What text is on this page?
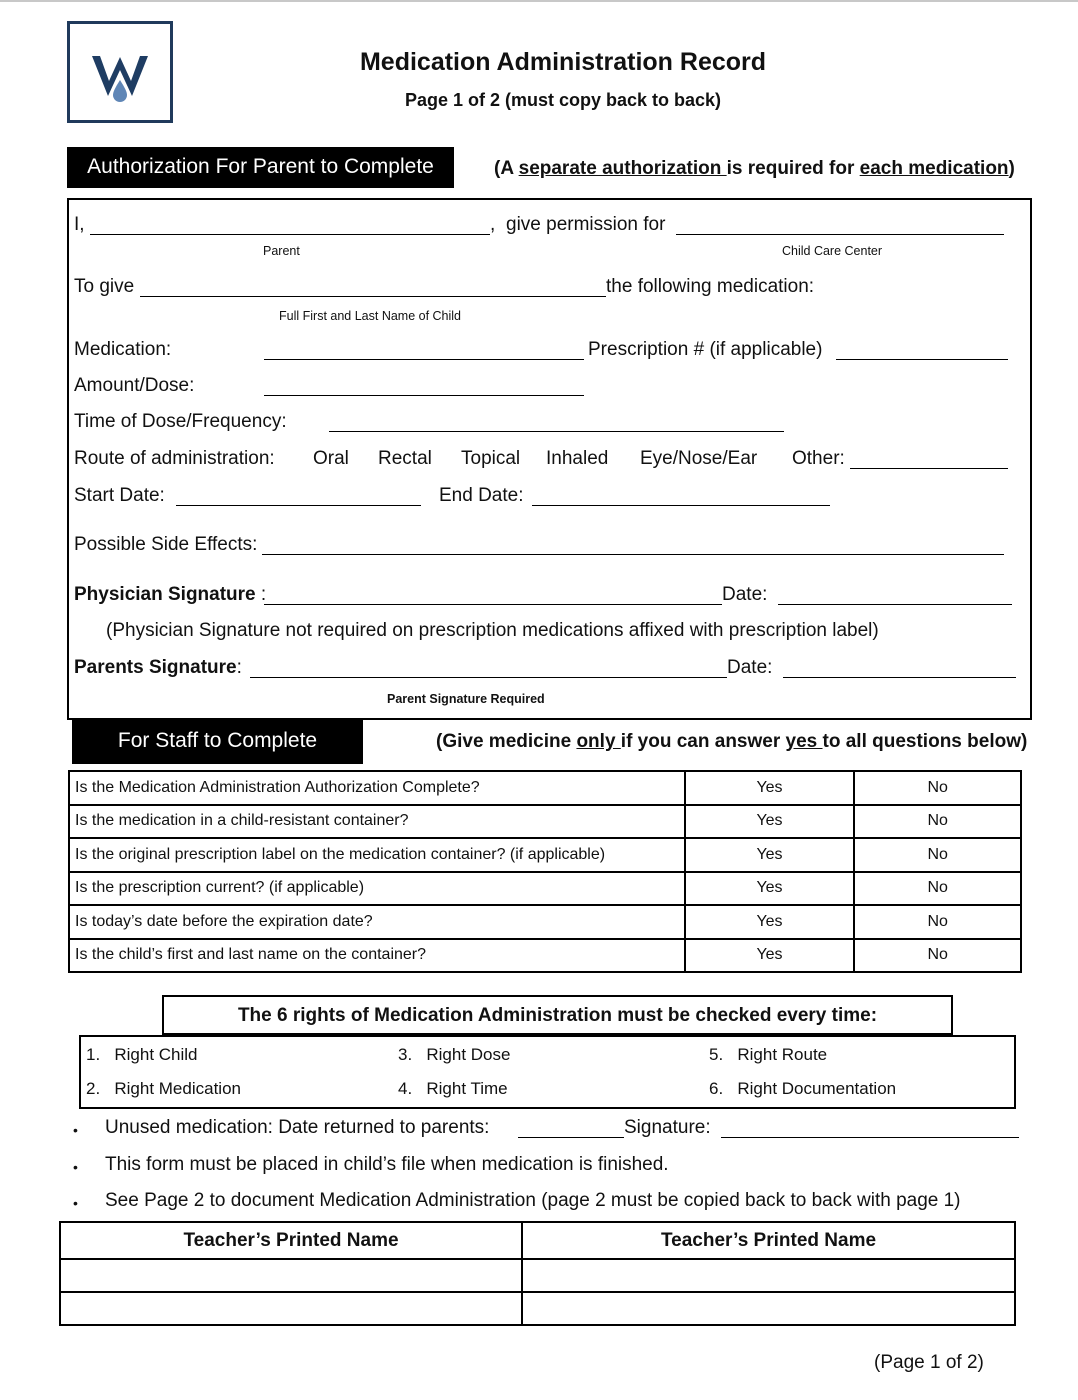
Medication Administration Record
Page 1 of 2 (must copy back to back)
Authorization For Parent to Complete	(A separate authorization is required for each medication)
I,	, give permission for
Parent	Child Care Center
To give	the following medication:
Full First and Last Name of Child
Medication:	Prescription # (if applicable)
Amount/Dose:
Time of Dose/Frequency:
Route of administration: Oral Rectal Topical Inhaled Eye/Nose/Ear Other:
Start Date:	End Date:
Possible Side Effects:
Physician Signature :	Date:
(Physician Signature not required on prescription medications affixed with prescription label)
Parents Signature:	Date:
Parent Signature Required
For Staff to Complete	(Give medicine only if you can answer yes to all questions below)
Is the Medication Administration Authorization Complete?	Yes	No
Is the medication in a child-resistant container?	Yes	No
Is the original prescription label on the medication container? (if applicable)	Yes	No
Is the prescription current? (if applicable)	Yes	No
Is today’s date before the expiration date?	Yes	No
Is the child’s first and last name on the container?	Yes	No
The 6 rights of Medication Administration must be checked every time:
1. Right Child
2. Right Medication
3. Right Dose
4. Right Time
5. Right Route
6. Right Documentation
• Unused medication: Date returned to parents:	Signature:
• This form must be placed in child’s file when medication is finished.
• See Page 2 to document Medication Administration (page 2 must be copied back to back with page 1)
Teacher’s Printed Name	Teacher’s Printed Name

(Page 1 of 2)
